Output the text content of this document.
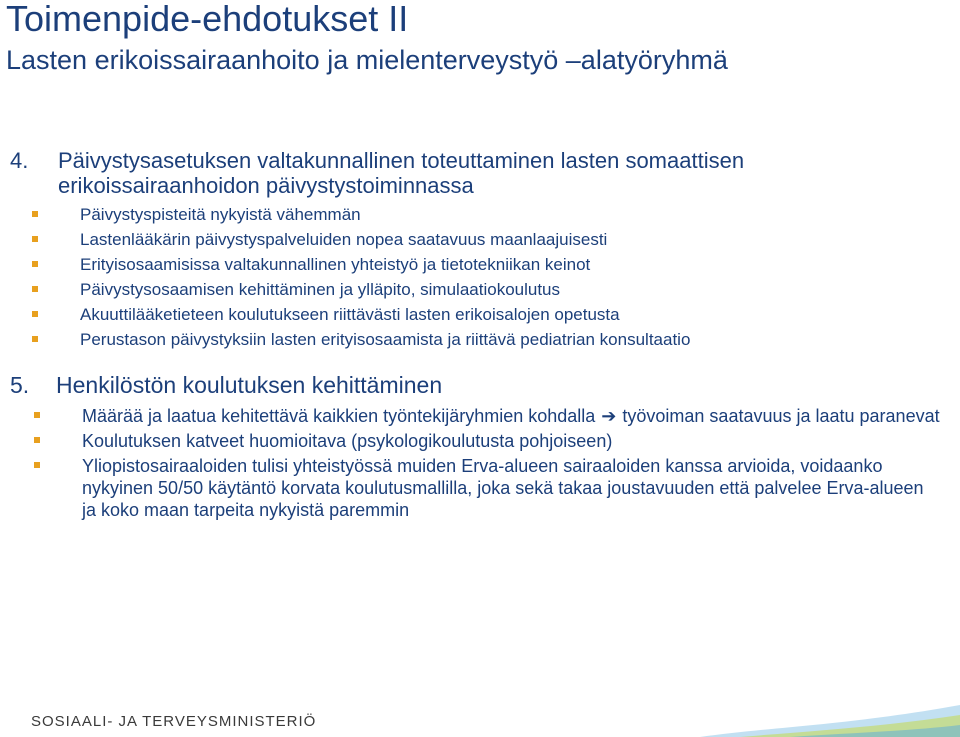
Toimenpide-ehdotukset II
Lasten erikoissairaanhoito ja mielenterveystyö –alatyöryhmä
4.	Päivystysasetuksen valtakunnallinen toteuttaminen lasten somaattisen erikoissairaanhoidon päivystystoiminnassa
Päivystyspisteitä nykyistä vähemmän
Lastenlääkärin päivystyspalveluiden nopea saatavuus maanlaajuisesti
Erityisosaamisissa valtakunnallinen yhteistyö ja tietotekniikan keinot
Päivystysosaamisen kehittäminen ja ylläpito, simulaatiokoulutus
Akuuttilääketieteen koulutukseen riittävästi lasten erikoisalojen opetusta
Perustason päivystyksiin lasten erityisosaamista ja riittävä pediatrian konsultaatio
5.	Henkilöstön koulutuksen kehittäminen
Määrää ja laatua kehitettävä kaikkien työntekijäryhmien kohdalla ➔ työvoiman saatavuus ja laatu paranevat
Koulutuksen katveet huomioitava (psykologikoulutusta pohjoiseen)
Yliopistosairaaloiden tulisi yhteistyössä muiden Erva-alueen sairaaloiden kanssa arvioida, voidaanko nykyinen 50/50 käytäntö korvata koulutusmallilla, joka sekä takaa joustavuuden että palvelee Erva-alueen ja koko maan tarpeita nykyistä paremmin
SOSIAALI- JA TERVEYSMINISTERIÖ
